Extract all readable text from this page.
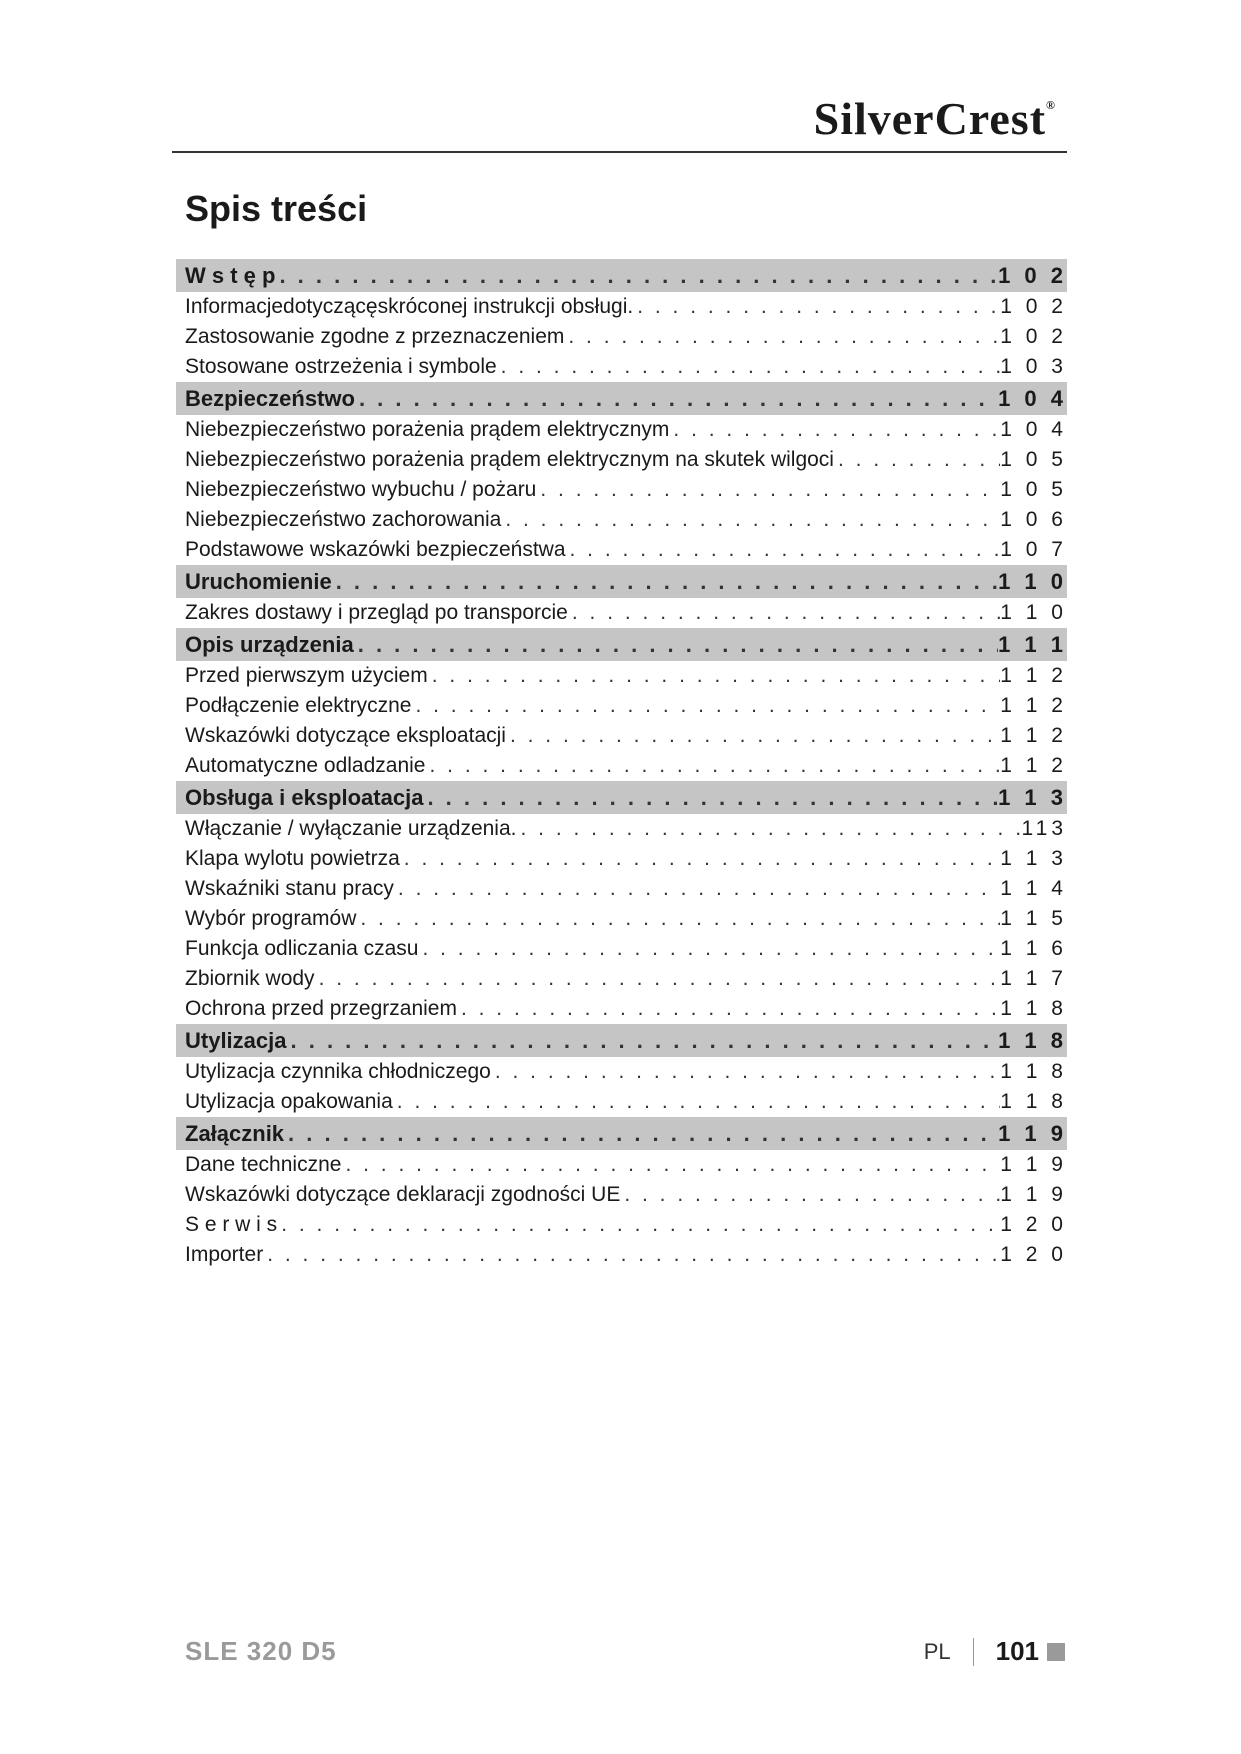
SilverCrest®
Spis treści
W s t ę p . . .	1 0 2
Informacjedotyczącęskróconej instrukcji obsługi. . . .	1 0 2
Zastosowanie zgodne z przeznaczeniem . . .	1 0 2
Stosowane ostrzeżenia i symbole . . .	1 0 3
Bezpieczeństwo . . .	1 0 4
Niebezpieczeństwo porażenia prądem elektrycznym . . .	1 0 4
Niebezpieczeństwo porażenia prądem elektrycznym na skutek wilgoci . . .	1 0 5
Niebezpieczeństwo wybuchu / pożaru . . .	1 0 5
Niebezpieczeństwo zachorowania . . .	1 0 6
Podstawowe wskazówki bezpieczeństwa . . .	1 0 7
Uruchomienie . . .	1 1 0
Zakres dostawy i przegląd po transporcie . . .	1 1 0
Opis urządzenia . . .	1 1 1
Przed pierwszym użyciem . . .	1 1 2
Podłączenie elektryczne . . .	1 1 2
Wskazówki dotyczące eksploatacji . . .	1 1 2
Automatyczne odladzanie . . .	1 1 2
Obsługa i eksploatacja . . .	1 1 3
Włączanie / wyłączanie urządzenia. . . .	113
Klapa wylotu powietrza . . .	1 1 3
Wskaźniki stanu pracy . . .	1 1 4
Wybór programów . . .	1 1 5
Funkcja odliczania czasu . . .	1 1 6
Zbiornik wody . . .	1 1 7
Ochrona przed przegrzaniem . . .	1 1 8
Utylizacja . . .	1 1 8
Utylizacja czynnika chłodniczego . . .	1 1 8
Utylizacja opakowania . . .	1 1 8
Załącznik . . .	1 1 9
Dane techniczne . . .	1 1 9
Wskazówki dotyczące deklaracji zgodności UE . . .	1 1 9
S e r w i s . . .	1 2 0
Importer . . .	1 2 0
SLE 320 D5	PL 101
